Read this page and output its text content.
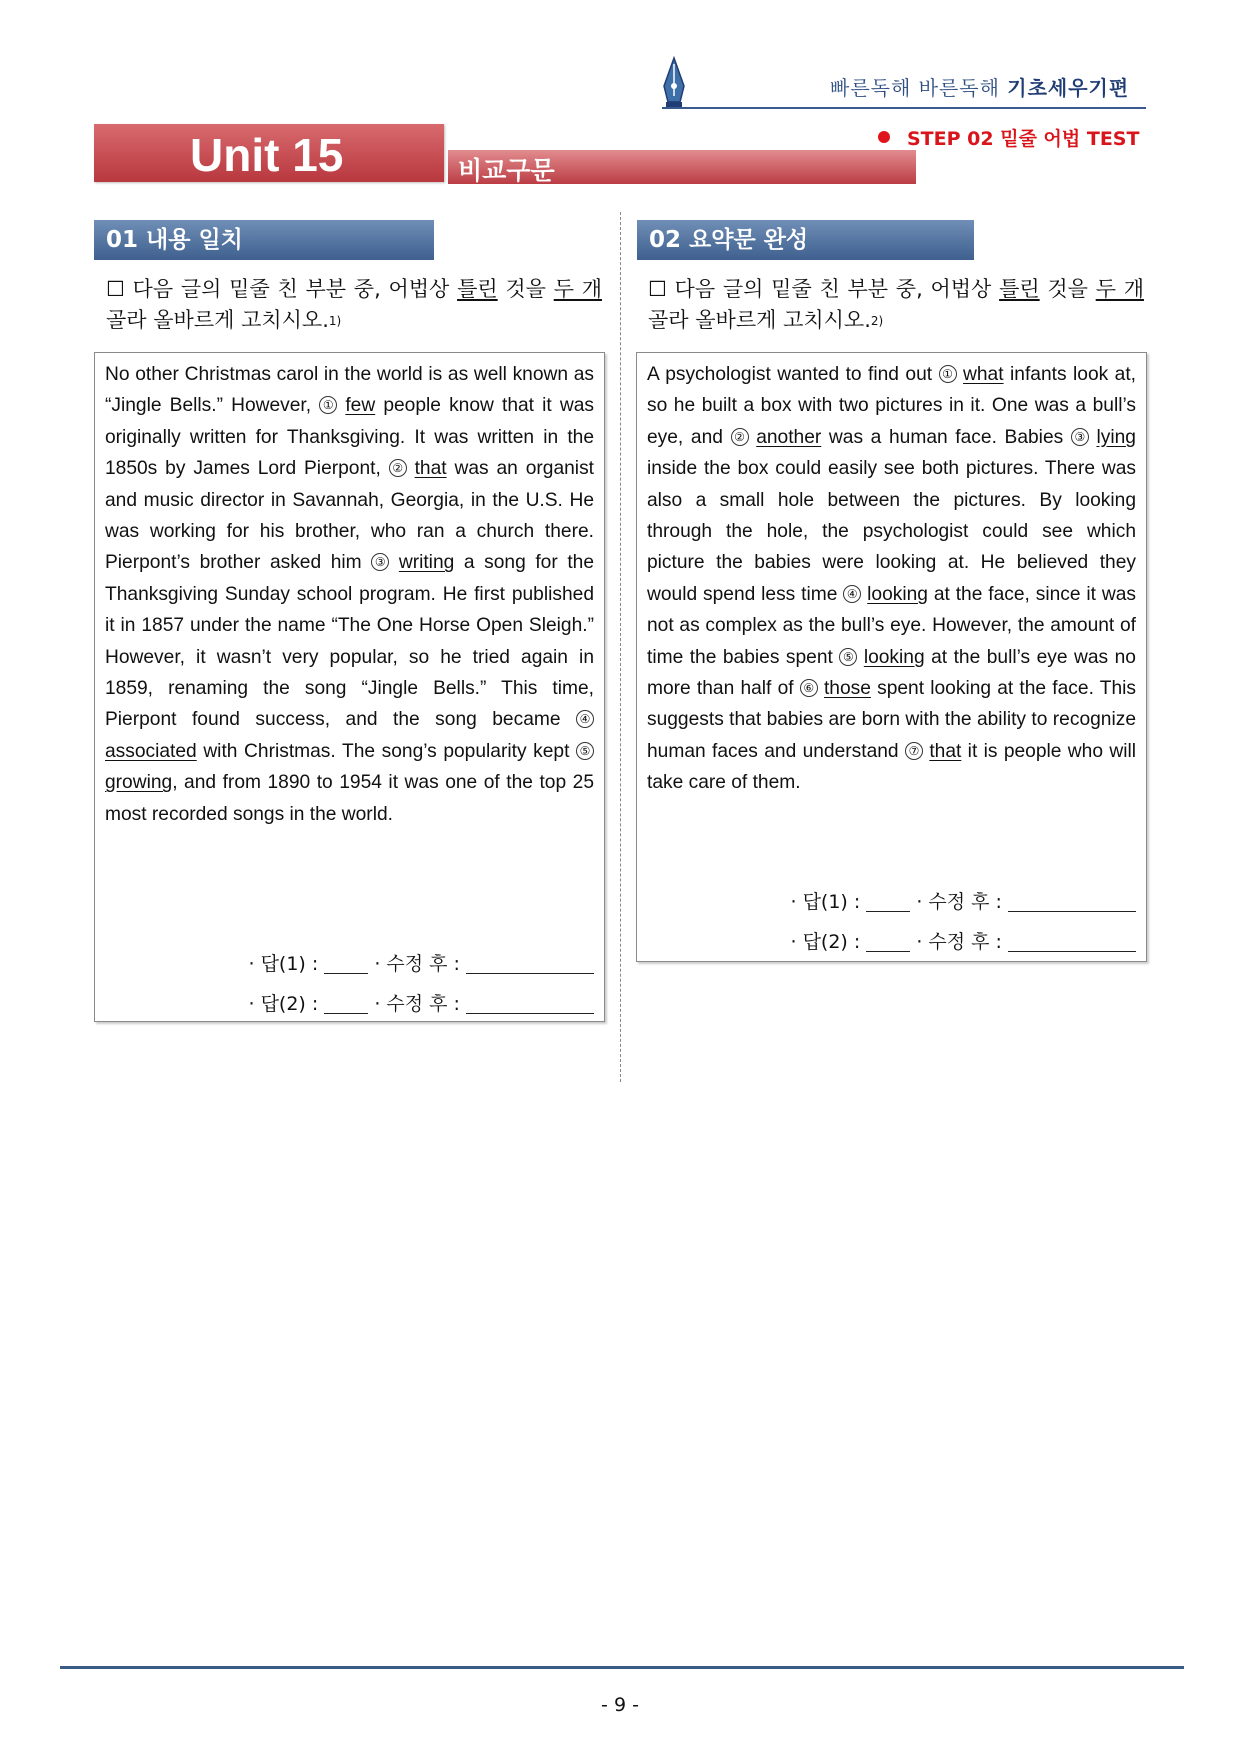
빠른독해 바른독해 기초세우기편
Unit 15	비교구문
STEP 02 밑줄 어법 TEST
01 내용 일치
☐ 다음 글의 밑줄 친 부분 중, 어법상 틀린 것을 두 개 골라 올바르게 고치시오.1)

No other Christmas carol in the world is as well known as “Jingle Bells.” However, ① few people know that it was originally written for Thanksgiving. It was written in the 1850s by James Lord Pierpont, ② that was an organist and music director in Savannah, Georgia, in the U.S. He was working for his brother, who ran a church there. Pierpont’s brother asked him ③ writing a song for the Thanksgiving Sunday school program. He first published it in 1857 under the name “The One Horse Open Sleigh.” However, it wasn’t very popular, so he tried again in 1859, renaming the song “Jingle Bells.” This time, Pierpont found success, and the song became ④ associated with Christmas. The song’s popularity kept ⑤ growing, and from 1890 to 1954 it was one of the top 25 most recorded songs in the world.

· 답(1) :	· 수정 후 :
· 답(2) :	· 수정 후 :
02 요약문 완성
☐ 다음 글의 밑줄 친 부분 중, 어법상 틀린 것을 두 개 골라 올바르게 고치시오.2)

A psychologist wanted to find out ① what infants look at, so he built a box with two pictures in it. One was a bull’s eye, and ② another was a human face. Babies ③ lying inside the box could easily see both pictures. There was also a small hole between the pictures. By looking through the hole, the psychologist could see which picture the babies were looking at. He believed they would spend less time ④ looking at the face, since it was not as complex as the bull’s eye. However, the amount of time the babies spent ⑤ looking at the bull’s eye was no more than half of ⑥ those spent looking at the face. This suggests that babies are born with the ability to recognize human faces and understand ⑦ that it is people who will take care of them.

· 답(1) :	· 수정 후 :
· 답(2) :	· 수정 후 :
- 9 -
